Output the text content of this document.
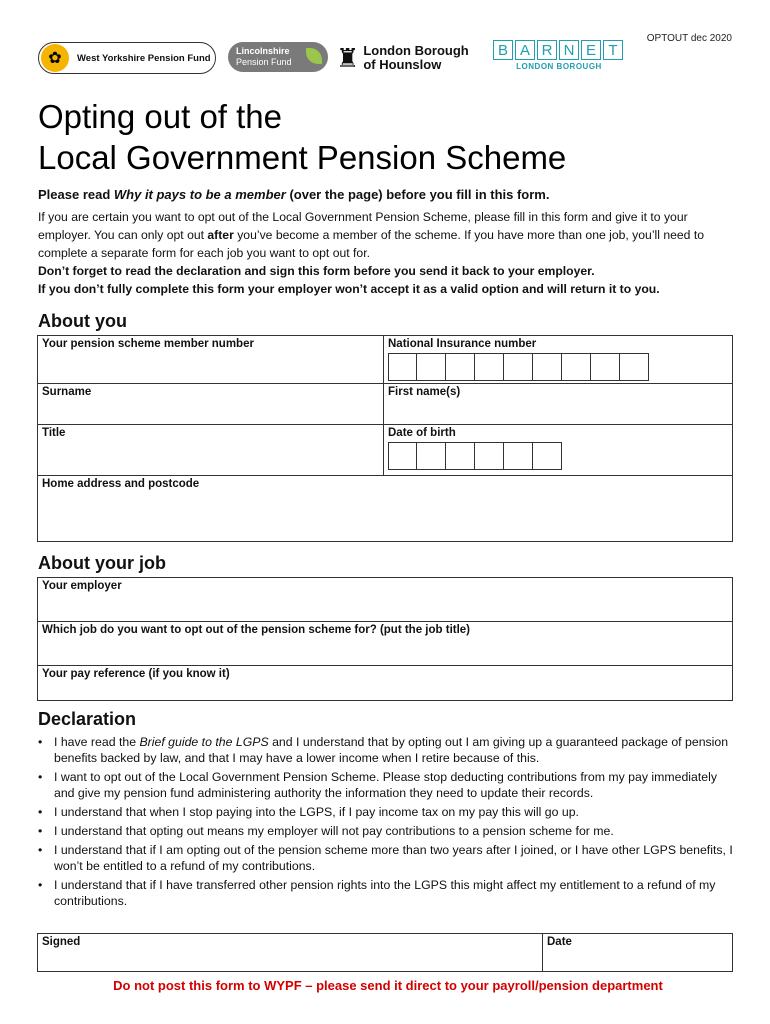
OPTOUT dec 2020
✿	West Yorkshire Pension Fund
Lincolnshire
Pension Fund	♜ London Borough
of Hounslow
B A R N E T
LONDON BOROUGH
Opting out of the
Local Government Pension Scheme

Please read Why it pays to be a member (over the page) before you fill in this form.

If you are certain you want to opt out of the Local Government Pension Scheme, please fill in this form and give it to your employer. You can only opt out after you’ve become a member of the scheme. If you have more than one job, you’ll need to complete a separate form for each job you want to opt out for.

Don’t forget to read the declaration and sign this form before you send it back to your employer.

If you don’t fully complete this form your employer won’t accept it as a valid option and will return it to you.

About you
Your pension scheme member number	National Insurance number

Surname	First name(s)
Title	Date of birth

Home address and postcode	
About your job
Your employer
Which job do you want to opt out of the pension scheme for? (put the job title)
Your pay reference (if you know it)
Declaration
• I have read the Brief guide to the LGPS and I understand that by opting out I am giving up a guaranteed package of pension benefits backed by law, and that I may have a lower income when I retire because of this.
• I want to opt out of the Local Government Pension Scheme. Please stop deducting contributions from my pay immediately and give my pension fund administering authority the information they need to update their records.
• I understand that when I stop paying into the LGPS, if I pay income tax on my pay this will go up.
• I understand that opting out means my employer will not pay contributions to a pension scheme for me.
• I understand that if I am opting out of the pension scheme more than two years after I joined, or I have other LGPS benefits, I won’t be entitled to a refund of my contributions.
• I understand that if I have transferred other pension rights into the LGPS this might affect my entitlement to a refund of my contributions.
Signed	Date
Do not post this form to WYPF – please send it direct to your payroll/pension department
